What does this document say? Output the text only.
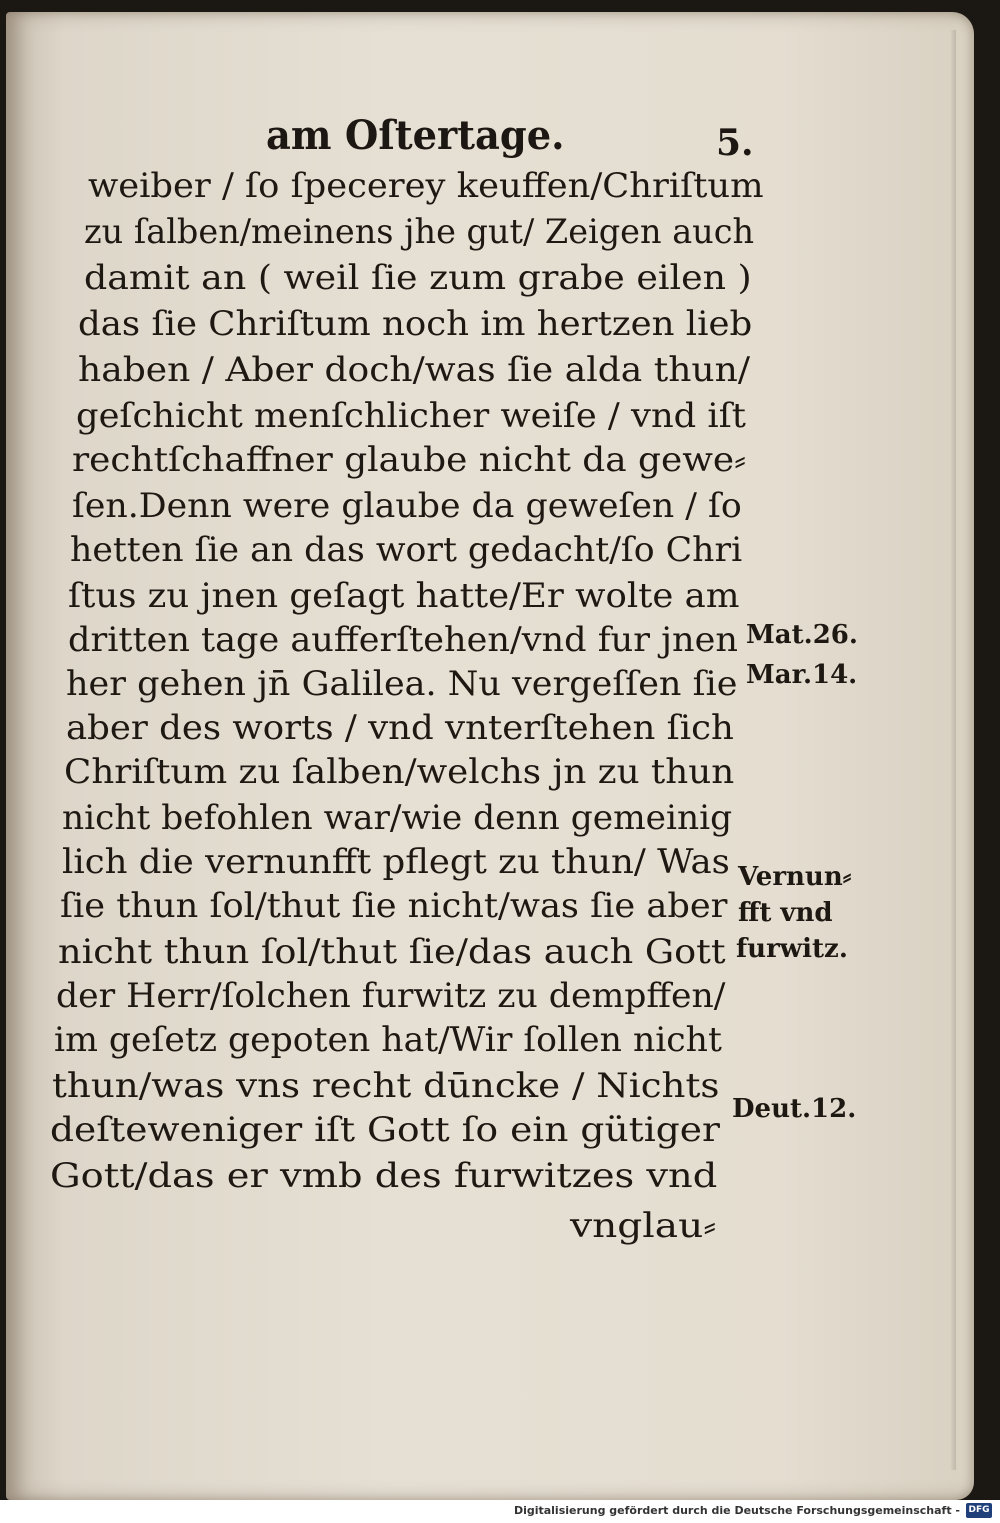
am Oſtertage.	5.
weiber / ſo ſpecerey keuffen/Chriſtum
zu ſalben/meinens jhe gut/ Zeigen auch
damit an ( weil ſie zum grabe eilen )
das ſie Chriſtum noch im hertzen lieb
haben / Aber doch/was ſie alda thun/
geſchicht menſchlicher weiſe / vnd iſt
rechtſchaffner glaube nicht da gewe⸗
ſen.Denn were glaube da geweſen / ſo
hetten ſie an das wort gedacht/ſo Chri
ſtus zu jnen geſagt hatte/Er wolte am
dritten tage aufferſtehen/vnd fur jnen
her gehen jn̄ Galilea. Nu vergeſſen ſie
aber des worts / vnd vnterſtehen ſich
Chriſtum zu ſalben/welchs jn zu thun
nicht befohlen war/wie denn gemeinig
lich die vernunfft pflegt zu thun/ Was
ſie thun ſol/thut ſie nicht/was ſie aber
nicht thun ſol/thut ſie/das auch Gott
der Herr/ſolchen furwitz zu dempffen/
im geſetz gepoten hat/Wir ſollen nicht
thun/was vns recht dūncke / Nichts
deſteweniger iſt Gott ſo ein gütiger
Gott/das er vmb des furwitzes vnd
vnglau⸗
Mat.26.
Mar.14.
Vernun⸗
fft vnd
furwitz.
Deut.12.
Digitalisierung gefördert durch die Deutsche Forschungsgemeinschaft - DFG
